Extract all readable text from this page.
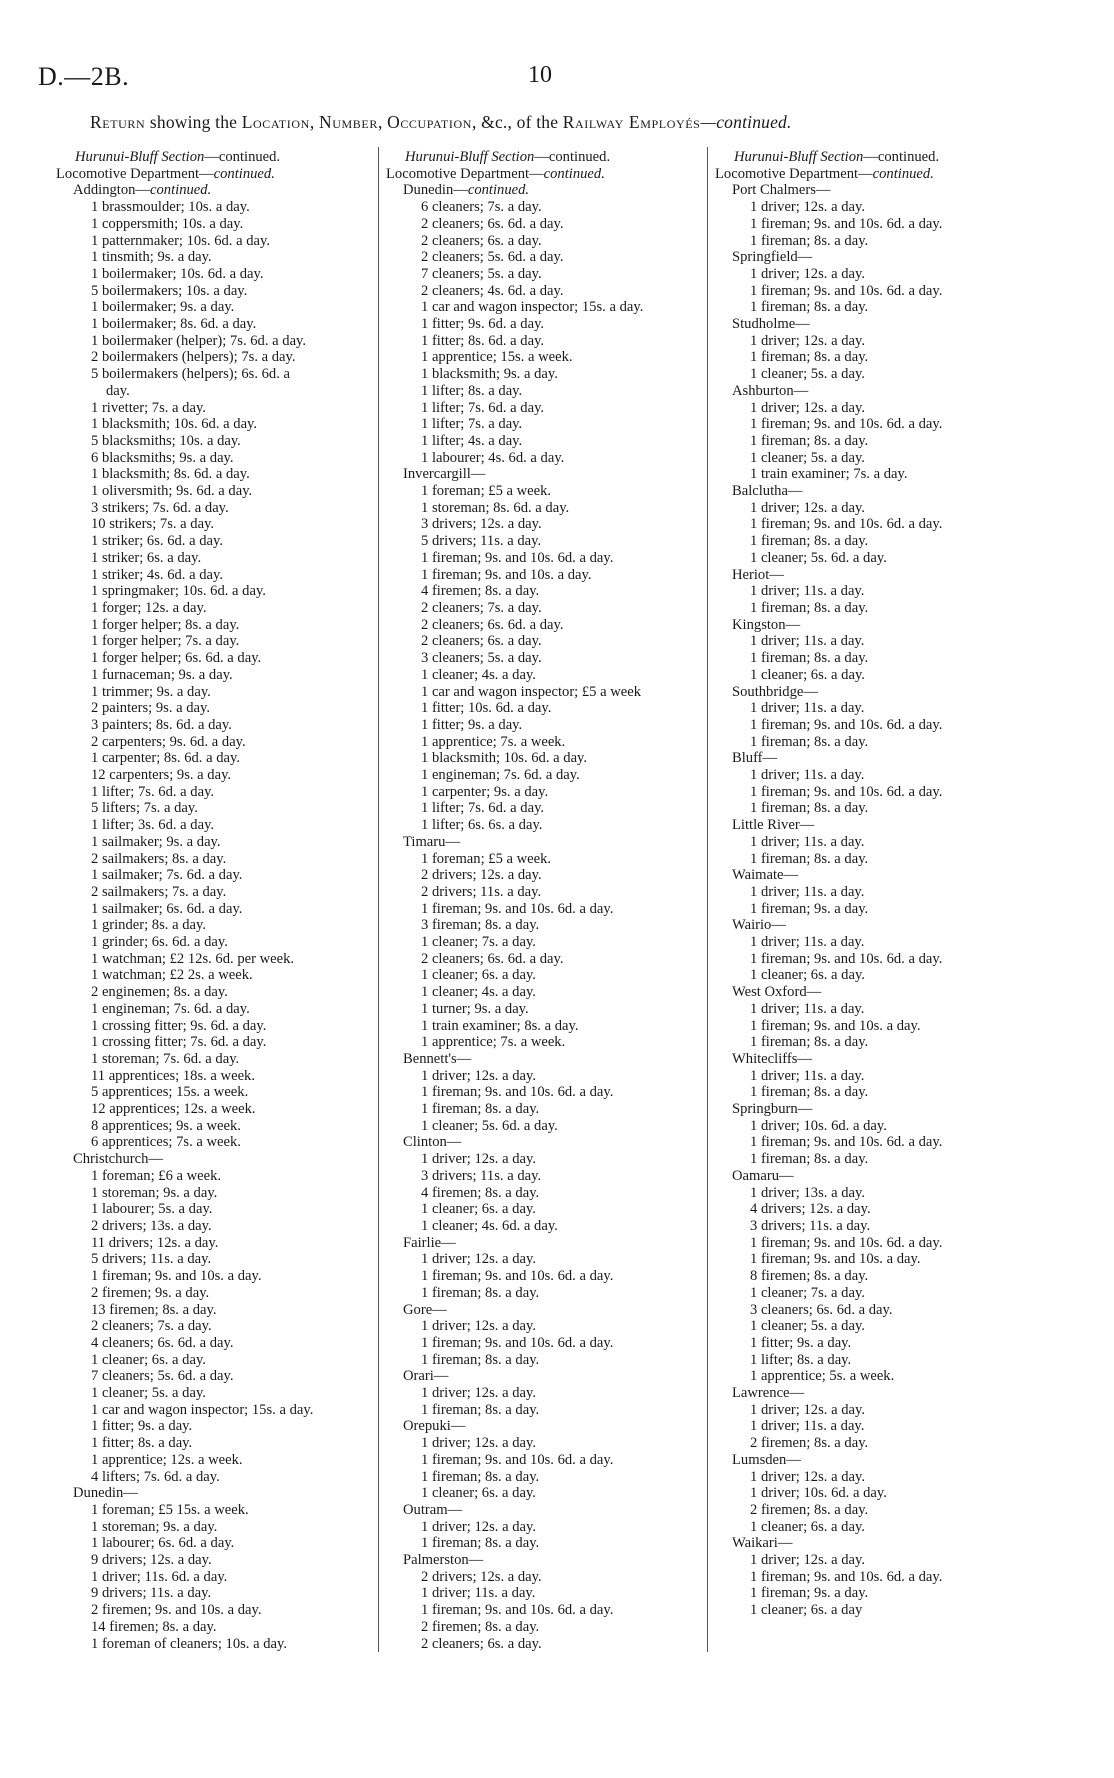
D.—2B.	10
Return showing the Location, Number, Occupation, &c., of the Railway Employés—continued.
Hurunui-Bluff Section—continued.
Locomotive Department—continued.
Addington—continued.
1 brassmoulder; 10s. a day.
1 coppersmith; 10s. a day.
1 patternmaker; 10s. 6d. a day.
1 tinsmith; 9s. a day.
1 boilermaker; 10s. 6d. a day.
5 boilermakers; 10s. a day.
1 boilermaker; 9s. a day.
1 boilermaker; 8s. 6d. a day.
1 boilermaker (helper); 7s. 6d. a day.
2 boilermakers (helpers); 7s. a day.
5 boilermakers (helpers); 6s. 6d. a
day.
1 rivetter; 7s. a day.
1 blacksmith; 10s. 6d. a day.
5 blacksmiths; 10s. a day.
6 blacksmiths; 9s. a day.
1 blacksmith; 8s. 6d. a day.
1 oliversmith; 9s. 6d. a day.
3 strikers; 7s. 6d. a day.
10 strikers; 7s. a day.
1 striker; 6s. 6d. a day.
1 striker; 6s. a day.
1 striker; 4s. 6d. a day.
1 springmaker; 10s. 6d. a day.
1 forger; 12s. a day.
1 forger helper; 8s. a day.
1 forger helper; 7s. a day.
1 forger helper; 6s. 6d. a day.
1 furnaceman; 9s. a day.
1 trimmer; 9s. a day.
2 painters; 9s. a day.
3 painters; 8s. 6d. a day.
2 carpenters; 9s. 6d. a day.
1 carpenter; 8s. 6d. a day.
12 carpenters; 9s. a day.
1 lifter; 7s. 6d. a day.
5 lifters; 7s. a day.
1 lifter; 3s. 6d. a day.
1 sailmaker; 9s. a day.
2 sailmakers; 8s. a day.
1 sailmaker; 7s. 6d. a day.
2 sailmakers; 7s. a day.
1 sailmaker; 6s. 6d. a day.
1 grinder; 8s. a day.
1 grinder; 6s. 6d. a day.
1 watchman; £2 12s. 6d. per week.
1 watchman; £2 2s. a week.
2 enginemen; 8s. a day.
1 engineman; 7s. 6d. a day.
1 crossing fitter; 9s. 6d. a day.
1 crossing fitter; 7s. 6d. a day.
1 storeman; 7s. 6d. a day.
11 apprentices; 18s. a week.
5 apprentices; 15s. a week.
12 apprentices; 12s. a week.
8 apprentices; 9s. a week.
6 apprentices; 7s. a week.
Christchurch—
1 foreman; £6 a week.
1 storeman; 9s. a day.
1 labourer; 5s. a day.
2 drivers; 13s. a day.
11 drivers; 12s. a day.
5 drivers; 11s. a day.
1 fireman; 9s. and 10s. a day.
2 firemen; 9s. a day.
13 firemen; 8s. a day.
2 cleaners; 7s. a day.
4 cleaners; 6s. 6d. a day.
1 cleaner; 6s. a day.
7 cleaners; 5s. 6d. a day.
1 cleaner; 5s. a day.
1 car and wagon inspector; 15s. a day.
1 fitter; 9s. a day.
1 fitter; 8s. a day.
1 apprentice; 12s. a week.
4 lifters; 7s. 6d. a day.
Dunedin—
1 foreman; £5 15s. a week.
1 storeman; 9s. a day.
1 labourer; 6s. 6d. a day.
9 drivers; 12s. a day.
1 driver; 11s. 6d. a day.
9 drivers; 11s. a day.
2 firemen; 9s. and 10s. a day.
14 firemen; 8s. a day.
1 foreman of cleaners; 10s. a day.
Hurunui-Bluff Section—continued.
Locomotive Department—continued.
Dunedin—continued.
6 cleaners; 7s. a day.
2 cleaners; 6s. 6d. a day.
2 cleaners; 6s. a day.
2 cleaners; 5s. 6d. a day.
7 cleaners; 5s. a day.
2 cleaners; 4s. 6d. a day.
1 car and wagon inspector; 15s. a day.
1 fitter; 9s. 6d. a day.
1 fitter; 8s. 6d. a day.
1 apprentice; 15s. a week.
1 blacksmith; 9s. a day.
1 lifter; 8s. a day.
1 lifter; 7s. 6d. a day.
1 lifter; 7s. a day.
1 lifter; 4s. a day.
1 labourer; 4s. 6d. a day.
Invercargill—
1 foreman; £5 a week.
1 storeman; 8s. 6d. a day.
3 drivers; 12s. a day.
5 drivers; 11s. a day.
1 fireman; 9s. and 10s. 6d. a day.
1 fireman; 9s. and 10s. a day.
4 firemen; 8s. a day.
2 cleaners; 7s. a day.
2 cleaners; 6s. 6d. a day.
2 cleaners; 6s. a day.
3 cleaners; 5s. a day.
1 cleaner; 4s. a day.
1 car and wagon inspector; £5 a week
1 fitter; 10s. 6d. a day.
1 fitter; 9s. a day.
1 apprentice; 7s. a week.
1 blacksmith; 10s. 6d. a day.
1 engineman; 7s. 6d. a day.
1 carpenter; 9s. a day.
1 lifter; 7s. 6d. a day.
1 lifter; 6s. 6s. a day.
Timaru—
1 foreman; £5 a week.
2 drivers; 12s. a day.
2 drivers; 11s. a day.
1 fireman; 9s. and 10s. 6d. a day.
3 fireman; 8s. a day.
1 cleaner; 7s. a day.
2 cleaners; 6s. 6d. a day.
1 cleaner; 6s. a day.
1 cleaner; 4s. a day.
1 turner; 9s. a day.
1 train examiner; 8s. a day.
1 apprentice; 7s. a week.
Bennett's—
1 driver; 12s. a day.
1 fireman; 9s. and 10s. 6d. a day.
1 fireman; 8s. a day.
1 cleaner; 5s. 6d. a day.
Clinton—
1 driver; 12s. a day.
3 drivers; 11s. a day.
4 firemen; 8s. a day.
1 cleaner; 6s. a day.
1 cleaner; 4s. 6d. a day.
Fairlie—
1 driver; 12s. a day.
1 fireman; 9s. and 10s. 6d. a day.
1 fireman; 8s. a day.
Gore—
1 driver; 12s. a day.
1 fireman; 9s. and 10s. 6d. a day.
1 fireman; 8s. a day.
Orari—
1 driver; 12s. a day.
1 fireman; 8s. a day.
Orepuki—
1 driver; 12s. a day.
1 fireman; 9s. and 10s. 6d. a day.
1 fireman; 8s. a day.
1 cleaner; 6s. a day.
Outram—
1 driver; 12s. a day.
1 fireman; 8s. a day.
Palmerston—
2 drivers; 12s. a day.
1 driver; 11s. a day.
1 fireman; 9s. and 10s. 6d. a day.
2 firemen; 8s. a day.
2 cleaners; 6s. a day.
Hurunui-Bluff Section—continued.
Locomotive Department—continued.
Port Chalmers—
1 driver; 12s. a day.
1 fireman; 9s. and 10s. 6d. a day.
1 fireman; 8s. a day.
Springfield—
1 driver; 12s. a day.
1 fireman; 9s. and 10s. 6d. a day.
1 fireman; 8s. a day.
Studholme—
1 driver; 12s. a day.
1 fireman; 8s. a day.
1 cleaner; 5s. a day.
Ashburton—
1 driver; 12s. a day.
1 fireman; 9s. and 10s. 6d. a day.
1 fireman; 8s. a day.
1 cleaner; 5s. a day.
1 train examiner; 7s. a day.
Balclutha—
1 driver; 12s. a day.
1 fireman; 9s. and 10s. 6d. a day.
1 fireman; 8s. a day.
1 cleaner; 5s. 6d. a day.
Heriot—
1 driver; 11s. a day.
1 fireman; 8s. a day.
Kingston—
1 driver; 11s. a day.
1 fireman; 8s. a day.
1 cleaner; 6s. a day.
Southbridge—
1 driver; 11s. a day.
1 fireman; 9s. and 10s. 6d. a day.
1 fireman; 8s. a day.
Bluff—
1 driver; 11s. a day.
1 fireman; 9s. and 10s. 6d. a day.
1 fireman; 8s. a day.
Little River—
1 driver; 11s. a day.
1 fireman; 8s. a day.
Waimate—
1 driver; 11s. a day.
1 fireman; 9s. a day.
Wairio—
1 driver; 11s. a day.
1 fireman; 9s. and 10s. 6d. a day.
1 cleaner; 6s. a day.
West Oxford—
1 driver; 11s. a day.
1 fireman; 9s. and 10s. a day.
1 fireman; 8s. a day.
Whitecliffs—
1 driver; 11s. a day.
1 fireman; 8s. a day.
Springburn—
1 driver; 10s. 6d. a day.
1 fireman; 9s. and 10s. 6d. a day.
1 fireman; 8s. a day.
Oamaru—
1 driver; 13s. a day.
4 drivers; 12s. a day.
3 drivers; 11s. a day.
1 fireman; 9s. and 10s. 6d. a day.
1 fireman; 9s. and 10s. a day.
8 firemen; 8s. a day.
1 cleaner; 7s. a day.
3 cleaners; 6s. 6d. a day.
1 cleaner; 5s. a day.
1 fitter; 9s. a day.
1 lifter; 8s. a day.
1 apprentice; 5s. a week.
Lawrence—
1 driver; 12s. a day.
1 driver; 11s. a day.
2 firemen; 8s. a day.
Lumsden—
1 driver; 12s. a day.
1 driver; 10s. 6d. a day.
2 firemen; 8s. a day.
1 cleaner; 6s. a day.
Waikari—
1 driver; 12s. a day.
1 fireman; 9s. and 10s. 6d. a day.
1 fireman; 9s. a day.
1 cleaner; 6s. a day
